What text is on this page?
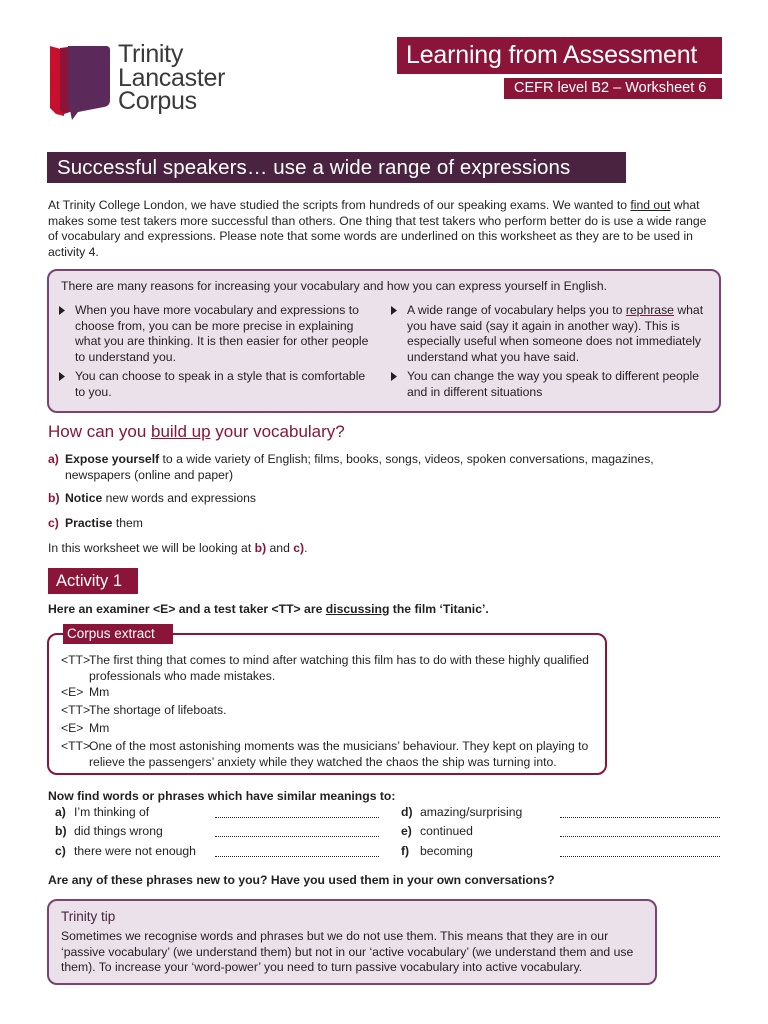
Trinity
Lancaster
Corpus
Learning from Assessment
CEFR level B2 – Worksheet 6
Successful speakers… use a wide range of expressions
At Trinity College London, we have studied the scripts from hundreds of our speaking exams. We wanted to find out what makes some test takers more successful than others. One thing that test takers who perform better do is use a wide range of vocabulary and expressions. Please note that some words are underlined on this worksheet as they are to be used in activity 4.
There are many reasons for increasing your vocabulary and how you can express yourself in English.
When you have more vocabulary and expressions to choose from, you can be more precise in explaining what you are thinking. It is then easier for other people to understand you.
You can choose to speak in a style that is comfortable to you.
A wide range of vocabulary helps you to rephrase what you have said (say it again in another way). This is especially useful when someone does not immediately understand what you have said.
You can change the way you speak to different people and in different situations
How can you build up your vocabulary?
a) Expose yourself to a wide variety of English; films, books, songs, videos, spoken conversations, magazines, newspapers (online and paper)
b) Notice new words and expressions
c) Practise them
In this worksheet we will be looking at b) and c).
Activity 1
Here an examiner <E> and a test taker <TT> are discussing the film ‘Titanic’.
<TT>
The first thing that comes to mind after watching this film has to do with these highly qualified professionals who made mistakes.
<E> Mm
<TT>
The shortage of lifeboats.
<E> Mm
<TT>
One of the most astonishing moments was the musicians’ behaviour. They kept on playing to relieve the passengers’ anxiety while they watched the chaos the ship was turning into.
Corpus extract
Now find words or phrases which have similar meanings to:
a) I’m thinking of
b) did things wrong
c) there were not enough
d) amazing/surprising
e) continued
f) becoming
Are any of these phrases new to you? Have you used them in your own conversations?
Trinity tip
Sometimes we recognise words and phrases but we do not use them. This means that they are in our ‘passive vocabulary’ (we understand them) but not in our ‘active vocabulary’ (we understand them and use them). To increase your ‘word-power’ you need to turn passive vocabulary into active vocabulary.
